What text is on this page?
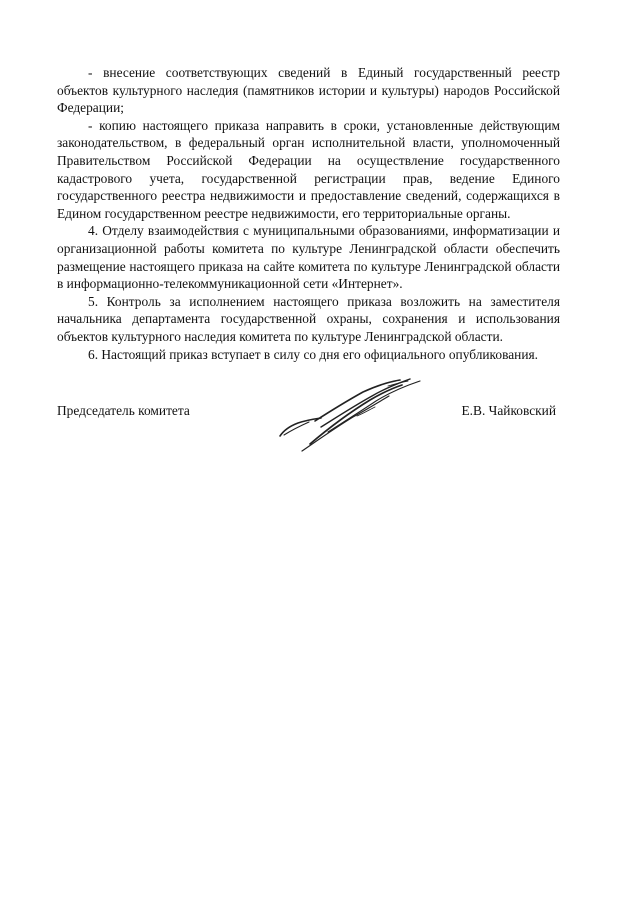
- внесение соответствующих сведений в Единый государственный реестр объектов культурного наследия (памятников истории и культуры) народов Российской Федерации;

- копию настоящего приказа направить в сроки, установленные действующим законодательством, в федеральный орган исполнительной власти, уполномоченный Правительством Российской Федерации на осуществление государственного кадастрового учета, государственной регистрации прав, ведение Единого государственного реестра недвижимости и предоставление сведений, содержащихся в Едином государственном реестре недвижимости, его территориальные органы.

4. Отделу взаимодействия с муниципальными образованиями, информатизации и организационной работы комитета по культуре Ленинградской области обеспечить размещение настоящего приказа на сайте комитета по культуре Ленинградской области в информационно-телекоммуникационной сети «Интернет».

5. Контроль за исполнением настоящего приказа возложить на заместителя начальника департамента государственной охраны, сохранения и использования объектов культурного наследия комитета по культуре Ленинградской области.

6. Настоящий приказ вступает в силу со дня его официального опубликования.

Председатель комитета	Е.В. Чайковский
